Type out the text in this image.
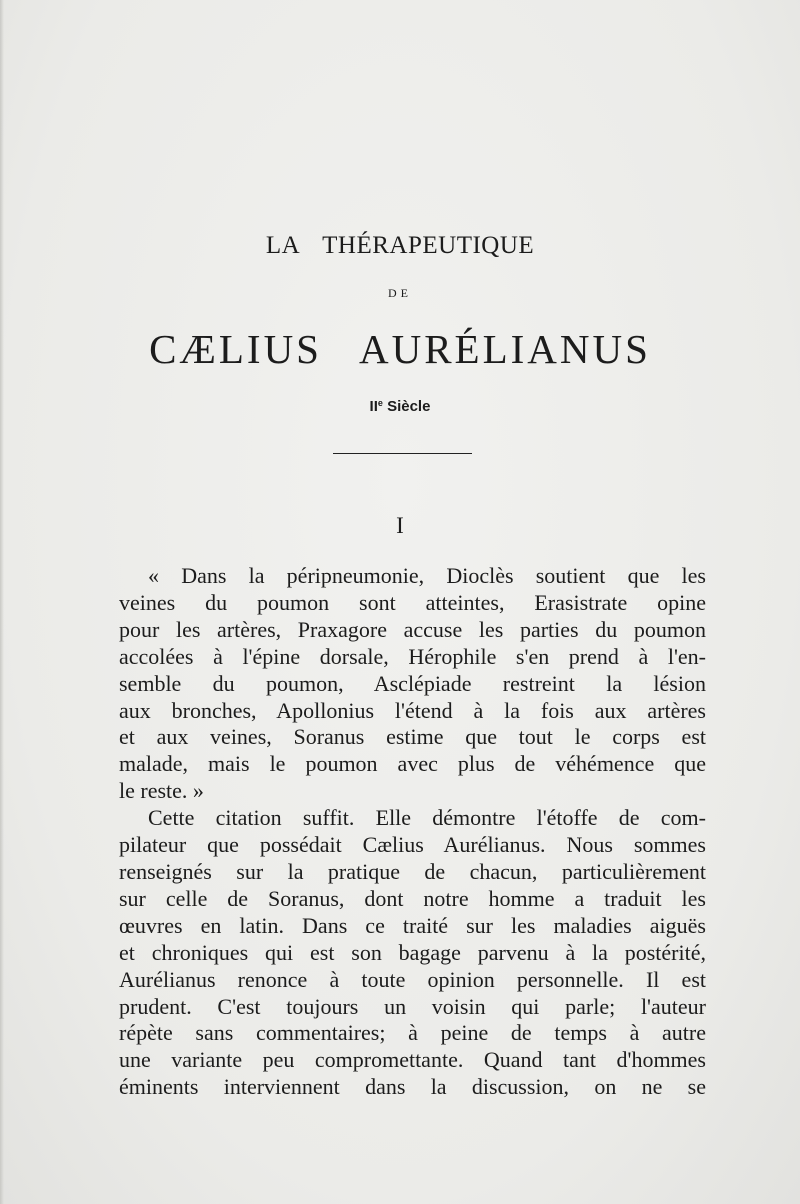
LA THÉRAPEUTIQUE
DE
CÆLIUS AURÉLIANUS
IIe Siècle
I
« Dans la péripneumonie, Dioclès soutient que les
veines du poumon sont atteintes, Erasistrate opine
pour les artères, Praxagore accuse les parties du poumon
accolées à l'épine dorsale, Hérophile s'en prend à l'en-
semble du poumon, Asclépiade restreint la lésion
aux bronches, Apollonius l'étend à la fois aux artères
et aux veines, Soranus estime que tout le corps est
malade, mais le poumon avec plus de véhémence que
le reste. »
Cette citation suffit. Elle démontre l'étoffe de com-
pilateur que possédait Cælius Aurélianus. Nous sommes
renseignés sur la pratique de chacun, particulièrement
sur celle de Soranus, dont notre homme a traduit les
œuvres en latin. Dans ce traité sur les maladies aiguës
et chroniques qui est son bagage parvenu à la postérité,
Aurélianus renonce à toute opinion personnelle. Il est
prudent. C'est toujours un voisin qui parle; l'auteur
répète sans commentaires; à peine de temps à autre
une variante peu compromettante. Quand tant d'hommes
éminents interviennent dans la discussion, on ne se
